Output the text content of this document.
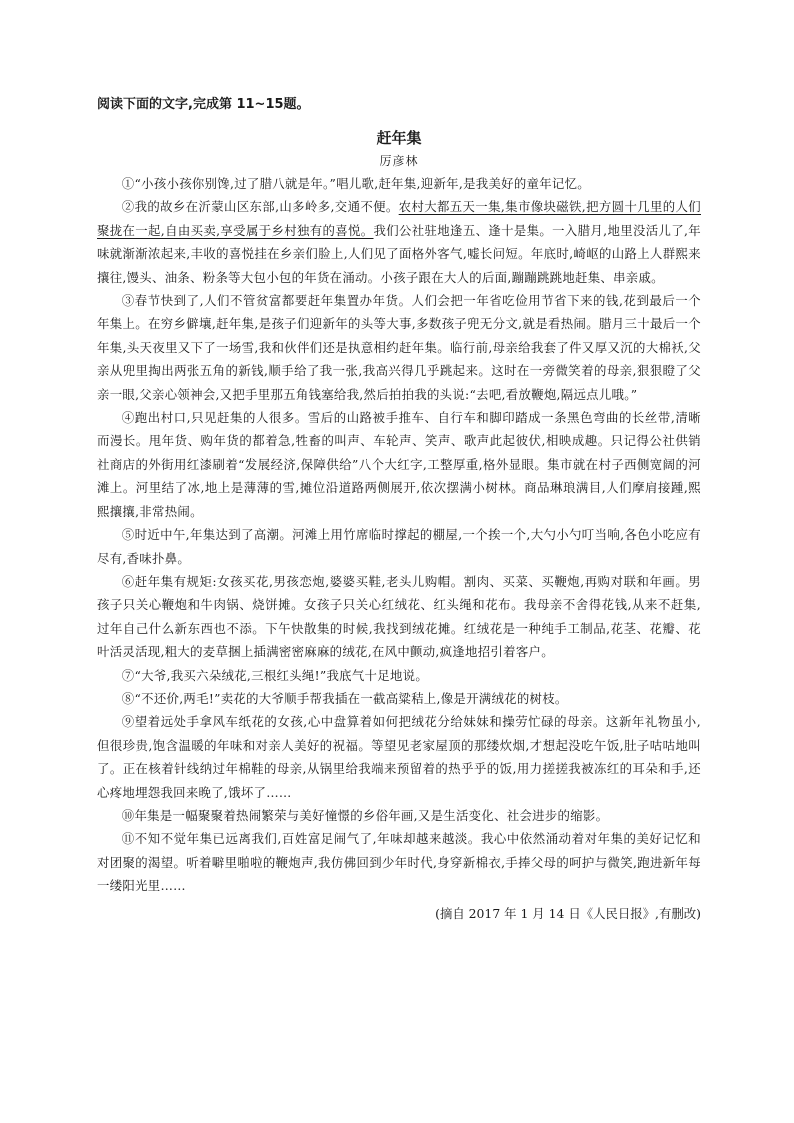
阅读下面的文字,完成第 11~15题。
赶年集
厉彦林

①“小孩小孩你别馋,过了腊八就是年。”唱儿歌,赶年集,迎新年,是我美好的童年记忆。

②我的故乡在沂蒙山区东部,山多岭多,交通不便。农村大都五天一集,集市像块磁铁,把方圆十几里的人们聚拢在一起,自由买卖,享受属于乡村独有的喜悦。我们公社驻地逢五、逢十是集。一入腊月,地里没活儿了,年味就渐渐浓起来,丰收的喜悦挂在乡亲们脸上,人们见了面格外客气,嘘长问短。年底时,崎岖的山路上人群熙来攘往,馒头、油条、粉条等大包小包的年货在涌动。小孩子跟在大人的后面,蹦蹦跳跳地赶集、串亲戚。

③春节快到了,人们不管贫富都要赶年集置办年货。人们会把一年省吃俭用节省下来的钱,花到最后一个年集上。在穷乡僻壤,赶年集,是孩子们迎新年的头等大事,多数孩子兜无分文,就是看热闹。腊月三十最后一个年集,头天夜里又下了一场雪,我和伙伴们还是执意相约赶年集。临行前,母亲给我套了件又厚又沉的大棉袄,父亲从兜里掏出两张五角的新钱,顺手给了我一张,我高兴得几乎跳起来。这时在一旁微笑着的母亲,狠狠瞪了父亲一眼,父亲心领神会,又把手里那五角钱塞给我,然后拍拍我的头说:“去吧,看放鞭炮,隔远点儿哦。”

④跑出村口,只见赶集的人很多。雪后的山路被手推车、自行车和脚印踏成一条黑色弯曲的长丝带,清晰而漫长。甩年货、购年货的都着急,牲畜的叫声、车轮声、笑声、歌声此起彼伏,相映成趣。只记得公社供销社商店的外街用红漆刷着“发展经济,保障供给”八个大红字,工整厚重,格外显眼。集市就在村子西侧宽阔的河滩上。河里结了冰,地上是薄薄的雪,摊位沿道路两侧展开,依次摆满小树林。商品琳琅满目,人们摩肩接踵,熙熙攘攘,非常热闹。

⑤时近中午,年集达到了高潮。河滩上用竹席临时撑起的棚屋,一个挨一个,大勺小勺叮当响,各色小吃应有尽有,香味扑鼻。

⑥赶年集有规矩:女孩买花,男孩恋炮,婆婆买鞋,老头儿购帽。割肉、买菜、买鞭炮,再购对联和年画。男孩子只关心鞭炮和牛肉锅、烧饼摊。女孩子只关心红绒花、红头绳和花布。我母亲不舍得花钱,从来不赶集,过年自己什么新东西也不添。下午快散集的时候,我找到绒花摊。红绒花是一种纯手工制品,花茎、花瓣、花叶活灵活现,粗大的麦草捆上插满密密麻麻的绒花,在风中颤动,疯逢地招引着客户。

⑦“大爷,我买六朵绒花,三根红头绳!”我底气十足地说。

⑧“不还价,两毛!”卖花的大爷顺手帮我插在一截高粱秸上,像是开满绒花的树枝。

⑨望着远处手拿风车纸花的女孩,心中盘算着如何把绒花分给妹妹和操劳忙碌的母亲。这新年礼物虽小,但很珍贵,饱含温暖的年味和对亲人美好的祝福。等望见老家屋顶的那缕炊烟,才想起没吃午饭,肚子咕咕地叫了。正在核着针线纳过年棉鞋的母亲,从锅里给我端来预留着的热乎乎的饭,用力搓搓我被冻红的耳朵和手,还心疼地埋怨我回来晚了,饿坏了……

⑩年集是一幅聚聚着热闹繁荣与美好憧憬的乡俗年画,又是生活变化、社会进步的缩影。

⑪不知不觉年集已远离我们,百姓富足闹气了,年味却越来越淡。我心中依然涌动着对年集的美好记忆和对团聚的渴望。听着噼里啪啦的鞭炮声,我仿佛回到少年时代,身穿新棉衣,手捧父母的呵护与微笑,跑进新年每一缕阳光里……

(摘自 2017 年 1 月 14 日《人民日报》,有删改)
